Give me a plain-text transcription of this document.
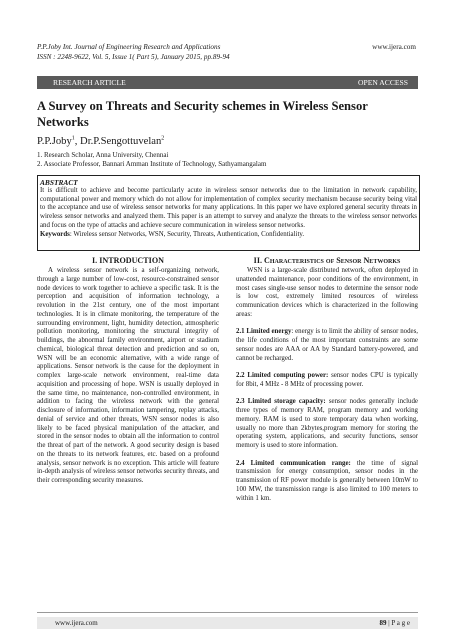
P.P.Joby Int. Journal of Engineering Research and Applications	www.ijera.com
ISSN : 2248-9622, Vol. 5, Issue 1( Part 5), January 2015, pp.89-94
RESEARCH ARTICLE	OPEN ACCESS
A Survey on Threats and Security schemes in Wireless Sensor Networks
P.P.Joby$^1$, Dr.P.Sengottuvelan$^2$
1. Research Scholar, Anna University, Chennai
2. Associate Professor, Bannari Amman Institute of Technology, Sathyamangalam
ABSTRACT
It is difficult to achieve and become particularly acute in wireless sensor networks due to the limitation in network capability, computational power and memory which do not allow for implementation of complex security mechanism because security being vital to the acceptance and use of wireless sensor networks for many applications. In this paper we have explored general security threats in wireless sensor networks and analyzed them. This paper is an attempt to survey and analyze the threats to the wireless sensor networks and focus on the type of attacks and achieve secure communication in wireless sensor networks.
Keywords: Wireless sensor Networks, WSN, Security, Threats, Authentication, Confidentiality.
I. INTRODUCTION

A wireless sensor network is a self-organizing network, through a large number of low-cost, resource-constrained sensor node devices to work together to achieve a specific task. It is the perception and acquisition of information technology, a revolution in the 21st century, one of the most important technologies. It is in climate monitoring, the temperature of the surrounding environment, light, humidity detection, atmospheric pollution monitoring, monitoring the structural integrity of buildings, the abnormal family environment, airport or stadium chemical, biological threat detection and prediction and so on, WSN will be an economic alternative, with a wide range of applications. Sensor network is the cause for the deployment in complex large-scale network environment, real-time data acquisition and processing of hope. WSN is usually deployed in the same time, no maintenance, non-controlled environment, in addition to facing the wireless network with the general disclosure of information, information tampering, replay attacks, denial of service and other threats, WSN sensor nodes is also likely to be faced physical manipulation of the attacker, and stored in the sensor nodes to obtain all the information to control the threat of part of the network. A good security design is based on the threats to its network features, etc. based on a profound analysis, sensor network is no exception. This article will feature in-depth analysis of wireless sensor networks security threats, and their corresponding security measures.

II. Characteristics of Sensor Networks

WSN is a large-scale distributed network, often deployed in unattended maintenance, poor conditions of the environment, in most cases single-use sensor nodes to determine the sensor node is low cost, extremely limited resources of wireless communication devices which is characterized in the following areas:

2.1 Limited energy: energy is to limit the ability of sensor nodes, the life conditions of the most important constraints are some sensor nodes are AAA or AA by Standard battery-powered, and cannot be recharged.

2.2 Limited computing power: sensor nodes CPU is typically for 8bit, 4 MHz - 8 MHz of processing power.

2.3 Limited storage capacity: sensor nodes generally include three types of memory RAM, program memory and working memory. RAM is used to store temporary data when working, usually no more than 2kbytes,program memory for storing the operating system, applications, and security functions, sensor memory is used to store information.

2.4 Limited communication range: the time of signal transmission for energy consumption, sensor nodes in the transmission of RF power module is generally between 10mW to 100 MW, the transmission range is also limited to 100 meters to within 1 km.

www.ijera.com	89 | P a g e
